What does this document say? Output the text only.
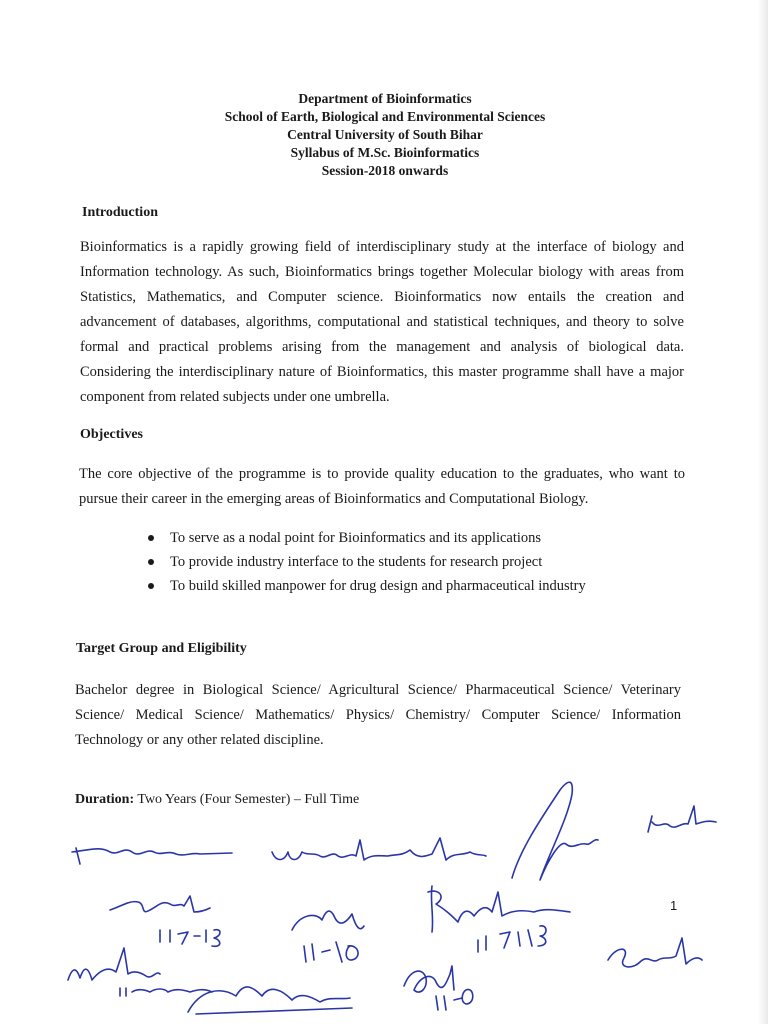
Department of Bioinformatics
School of Earth, Biological and Environmental Sciences
Central University of South Bihar
Syllabus of M.Sc. Bioinformatics
Session-2018 onwards
Introduction
Bioinformatics is a rapidly growing field of interdisciplinary study at the interface of biology and Information technology. As such, Bioinformatics brings together Molecular biology with areas from Statistics, Mathematics, and Computer science. Bioinformatics now entails the creation and advancement of databases, algorithms, computational and statistical techniques, and theory to solve formal and practical problems arising from the management and analysis of biological data. Considering the interdisciplinary nature of Bioinformatics, this master programme shall have a major component from related subjects under one umbrella.
Objectives
The core objective of the programme is to provide quality education to the graduates, who want to pursue their career in the emerging areas of Bioinformatics and Computational Biology.
To serve as a nodal point for Bioinformatics and its applications
To provide industry interface to the students for research project
To build skilled manpower for drug design and pharmaceutical industry
Target Group and Eligibility
Bachelor degree in Biological Science/ Agricultural Science/ Pharmaceutical Science/ Veterinary Science/ Medical Science/ Mathematics/ Physics/ Chemistry/ Computer Science/ Information Technology or any other related discipline.
Duration: Two Years (Four Semester) – Full Time
1
